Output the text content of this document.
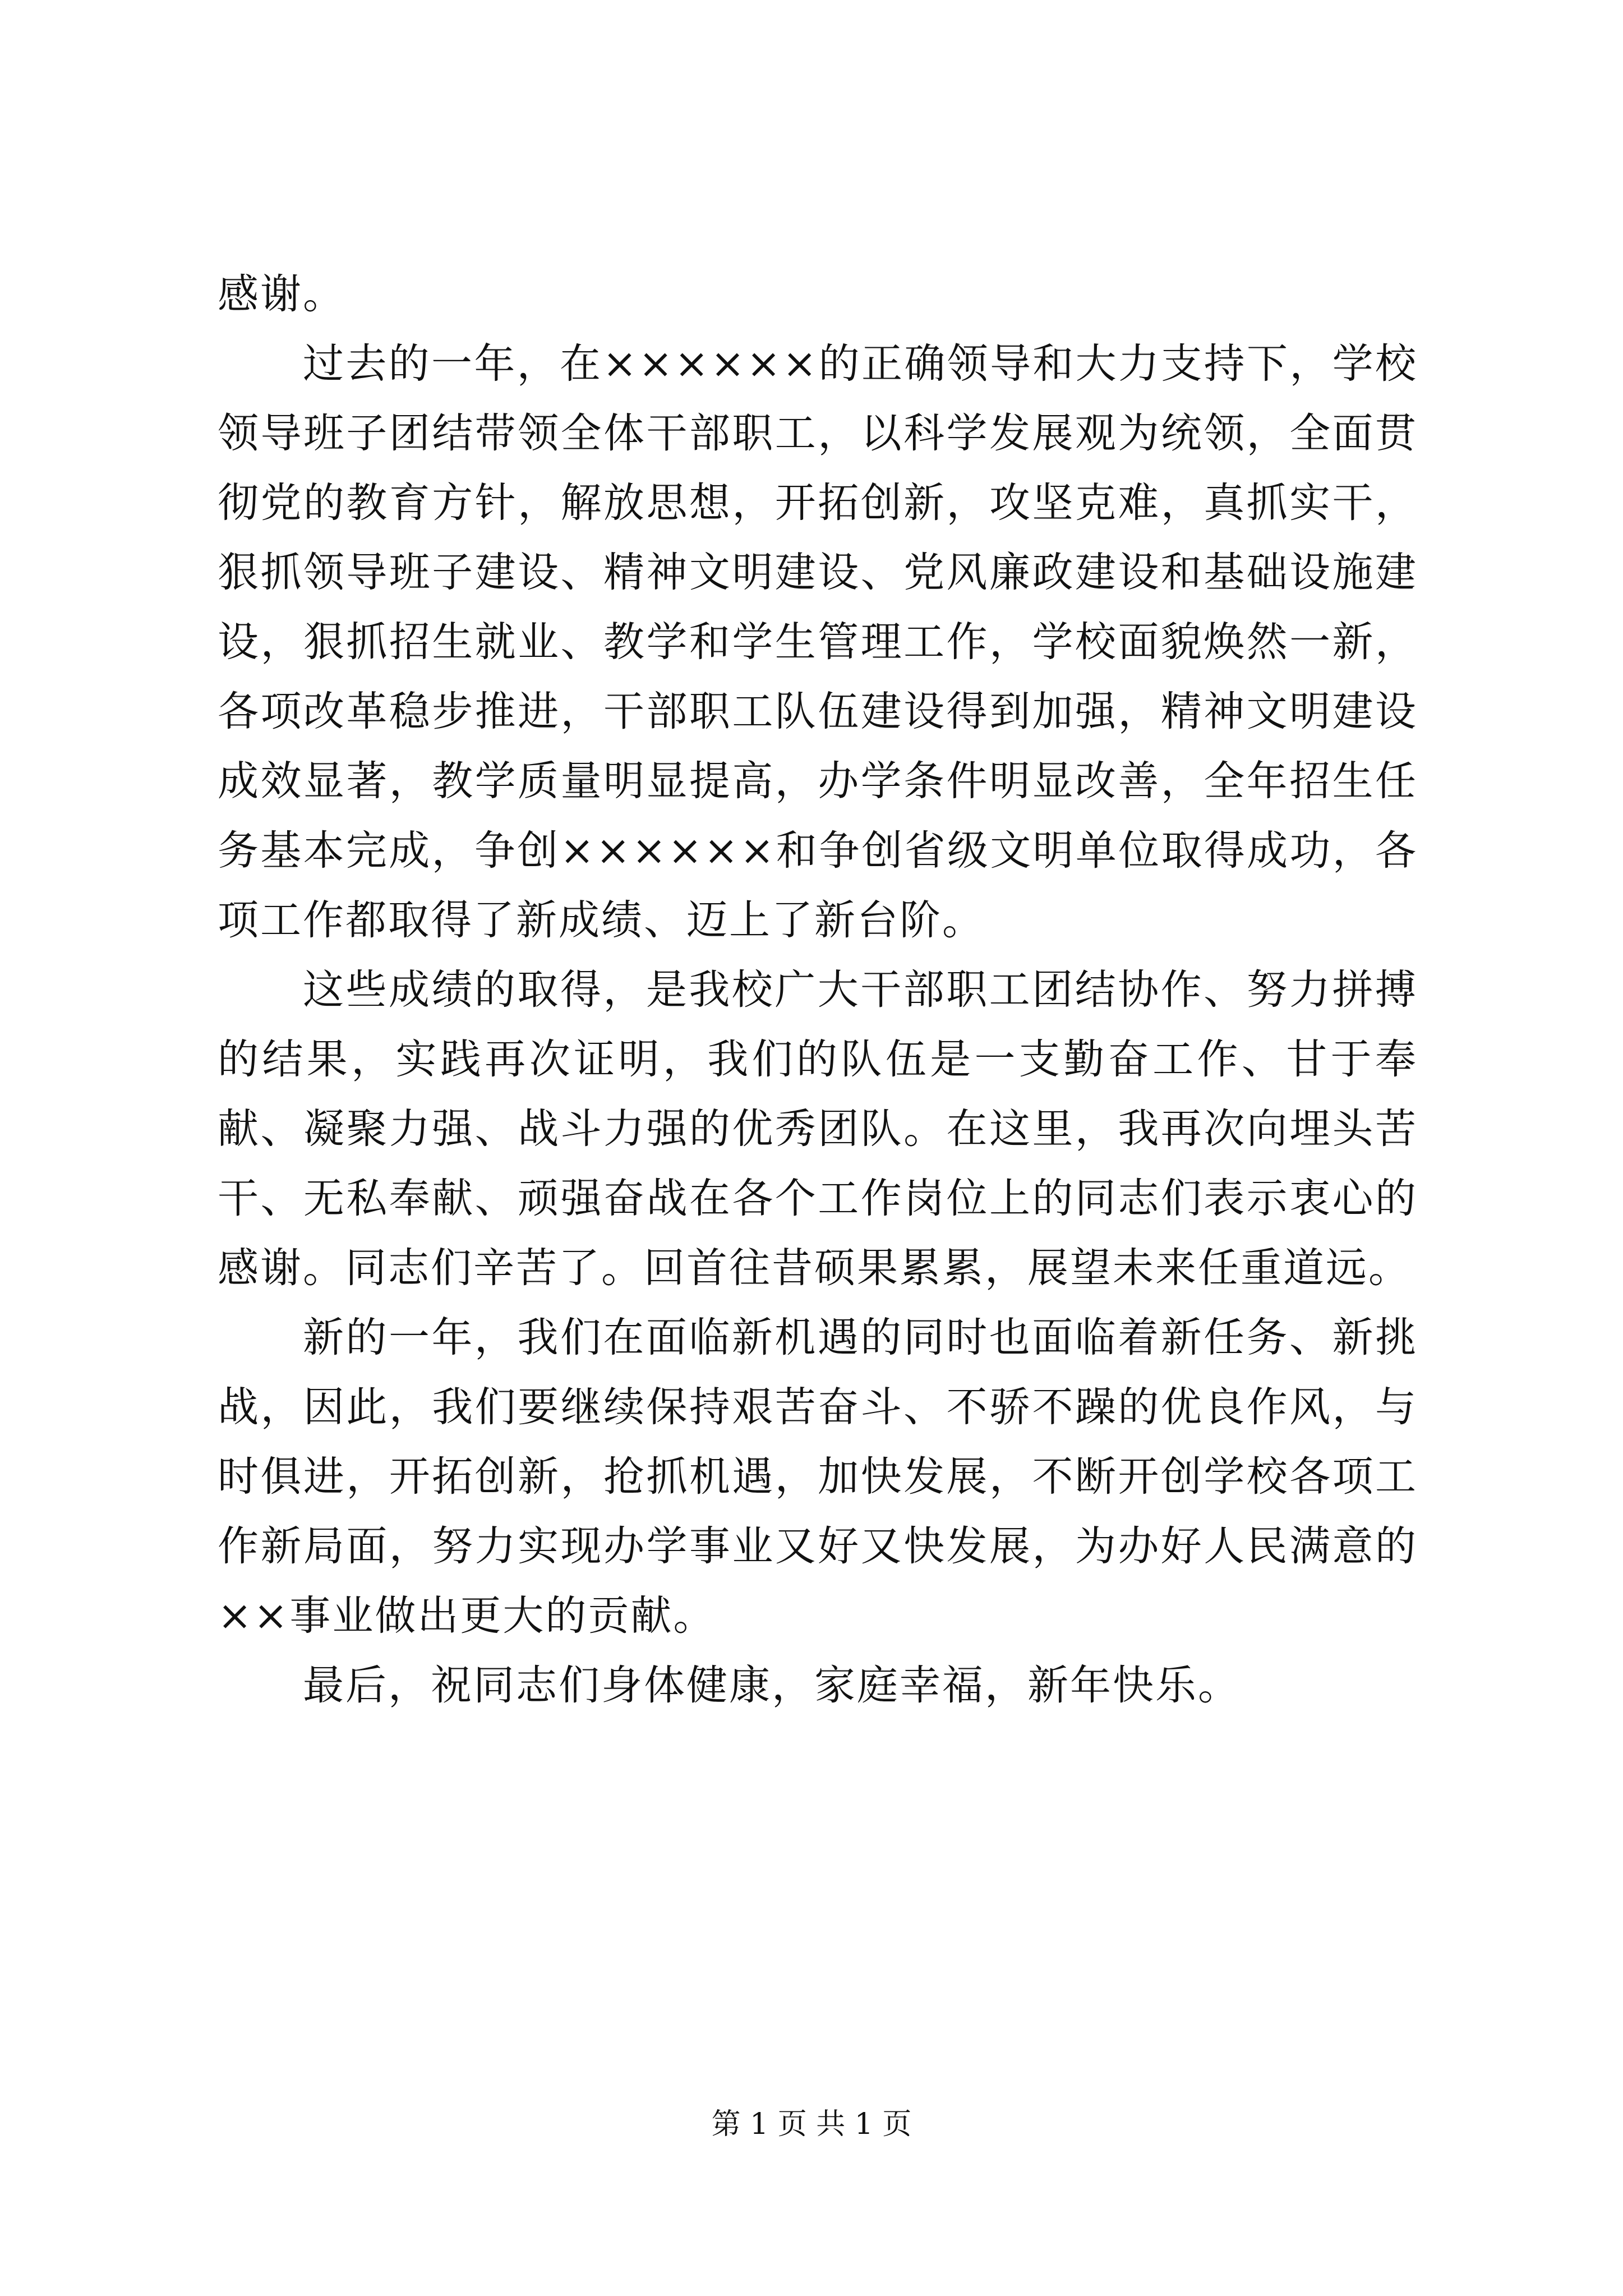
感谢。

过去的一年，在××××××的正确领导和大力支持下，学校领导班子团结带领全体干部职工，以科学发展观为统领，全面贯彻党的教育方针，解放思想，开拓创新，攻坚克难，真抓实干，狠抓领导班子建设、精神文明建设、党风廉政建设和基础设施建设，狠抓招生就业、教学和学生管理工作，学校面貌焕然一新，各项改革稳步推进，干部职工队伍建设得到加强，精神文明建设成效显著，教学质量明显提高，办学条件明显改善，全年招生任务基本完成，争创××××××和争创省级文明单位取得成功，各项工作都取得了新成绩、迈上了新台阶。

这些成绩的取得，是我校广大干部职工团结协作、努力拼搏的结果，实践再次证明，我们的队伍是一支勤奋工作、甘于奉献、凝聚力强、战斗力强的优秀团队。在这里，我再次向埋头苦干、无私奉献、顽强奋战在各个工作岗位上的同志们表示衷心的感谢。同志们辛苦了。回首往昔硕果累累，展望未来任重道远。

新的一年，我们在面临新机遇的同时也面临着新任务、新挑战，因此，我们要继续保持艰苦奋斗、不骄不躁的优良作风，与时俱进，开拓创新，抢抓机遇，加快发展，不断开创学校各项工作新局面，努力实现办学事业又好又快发展，为办好人民满意的××事业做出更大的贡献。

最后，祝同志们身体健康，家庭幸福，新年快乐。

第 1 页 共 1 页
